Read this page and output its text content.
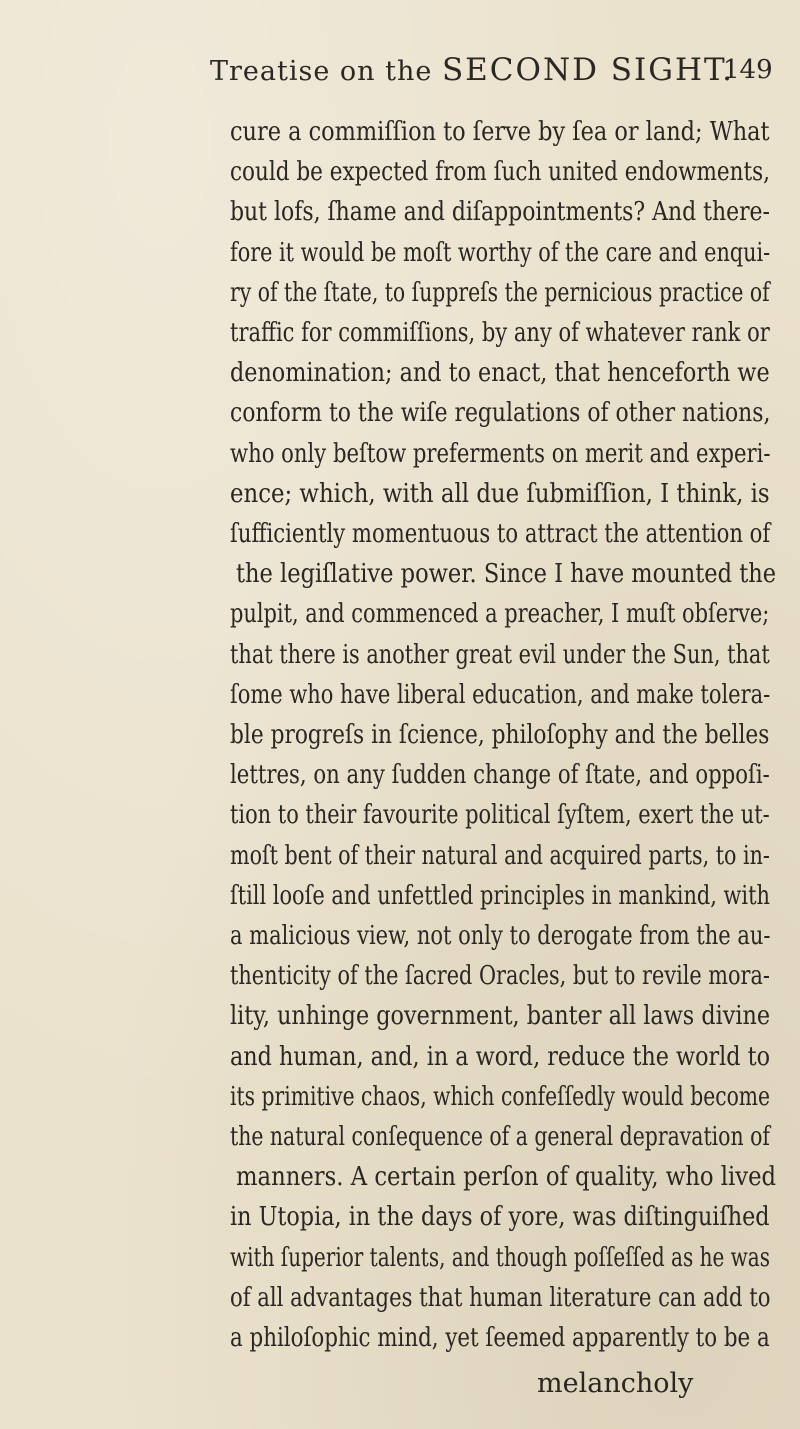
Treatise on the SECOND SIGHT.
149
cure a commiſſion to ſerve by ſea or land; What
could be expected from ſuch united endowments,
but lofs, ſhame and diſappointments? And there-
fore it would be moſt worthy of the care and enqui-
ry of the ſtate, to ſuppreſs the pernicious practice of
traffic for commiſſions, by any of whatever rank or
denomination; and to enact, that henceforth we
conform to the wiſe regulations of other nations,
who only beſtow preferments on merit and experi-
ence; which, with all due ſubmiſſion, I think, is
ſufficiently momentuous to attract the attention of
the legiſlative power. Since I have mounted the
pulpit, and commenced a preacher, I muſt obſerve;
that there is another great evil under the Sun, that
ſome who have liberal education, and make tolera-
ble progreſs in ſcience, philoſophy and the belles
lettres, on any ſudden change of ſtate, and oppoſi-
tion to their favourite political ſyſtem, exert the ut-
moſt bent of their natural and acquired parts, to in-
ſtill looſe and unfettled principles in mankind, with
a malicious view, not only to derogate from the au-
thenticity of the ſacred Oracles, but to revile mora-
lity, unhinge government, banter all laws divine
and human, and, in a word, reduce the world to
its primitive chaos, which confeſſedly would become
the natural conſequence of a general depravation of
manners. A certain perſon of quality, who lived
in Utopia, in the days of yore, was diſtinguiſhed
with ſuperior talents, and though poſſeſſed as he was
of all advantages that human literature can add to
a philoſophic mind, yet ſeemed apparently to be a
melancholy
